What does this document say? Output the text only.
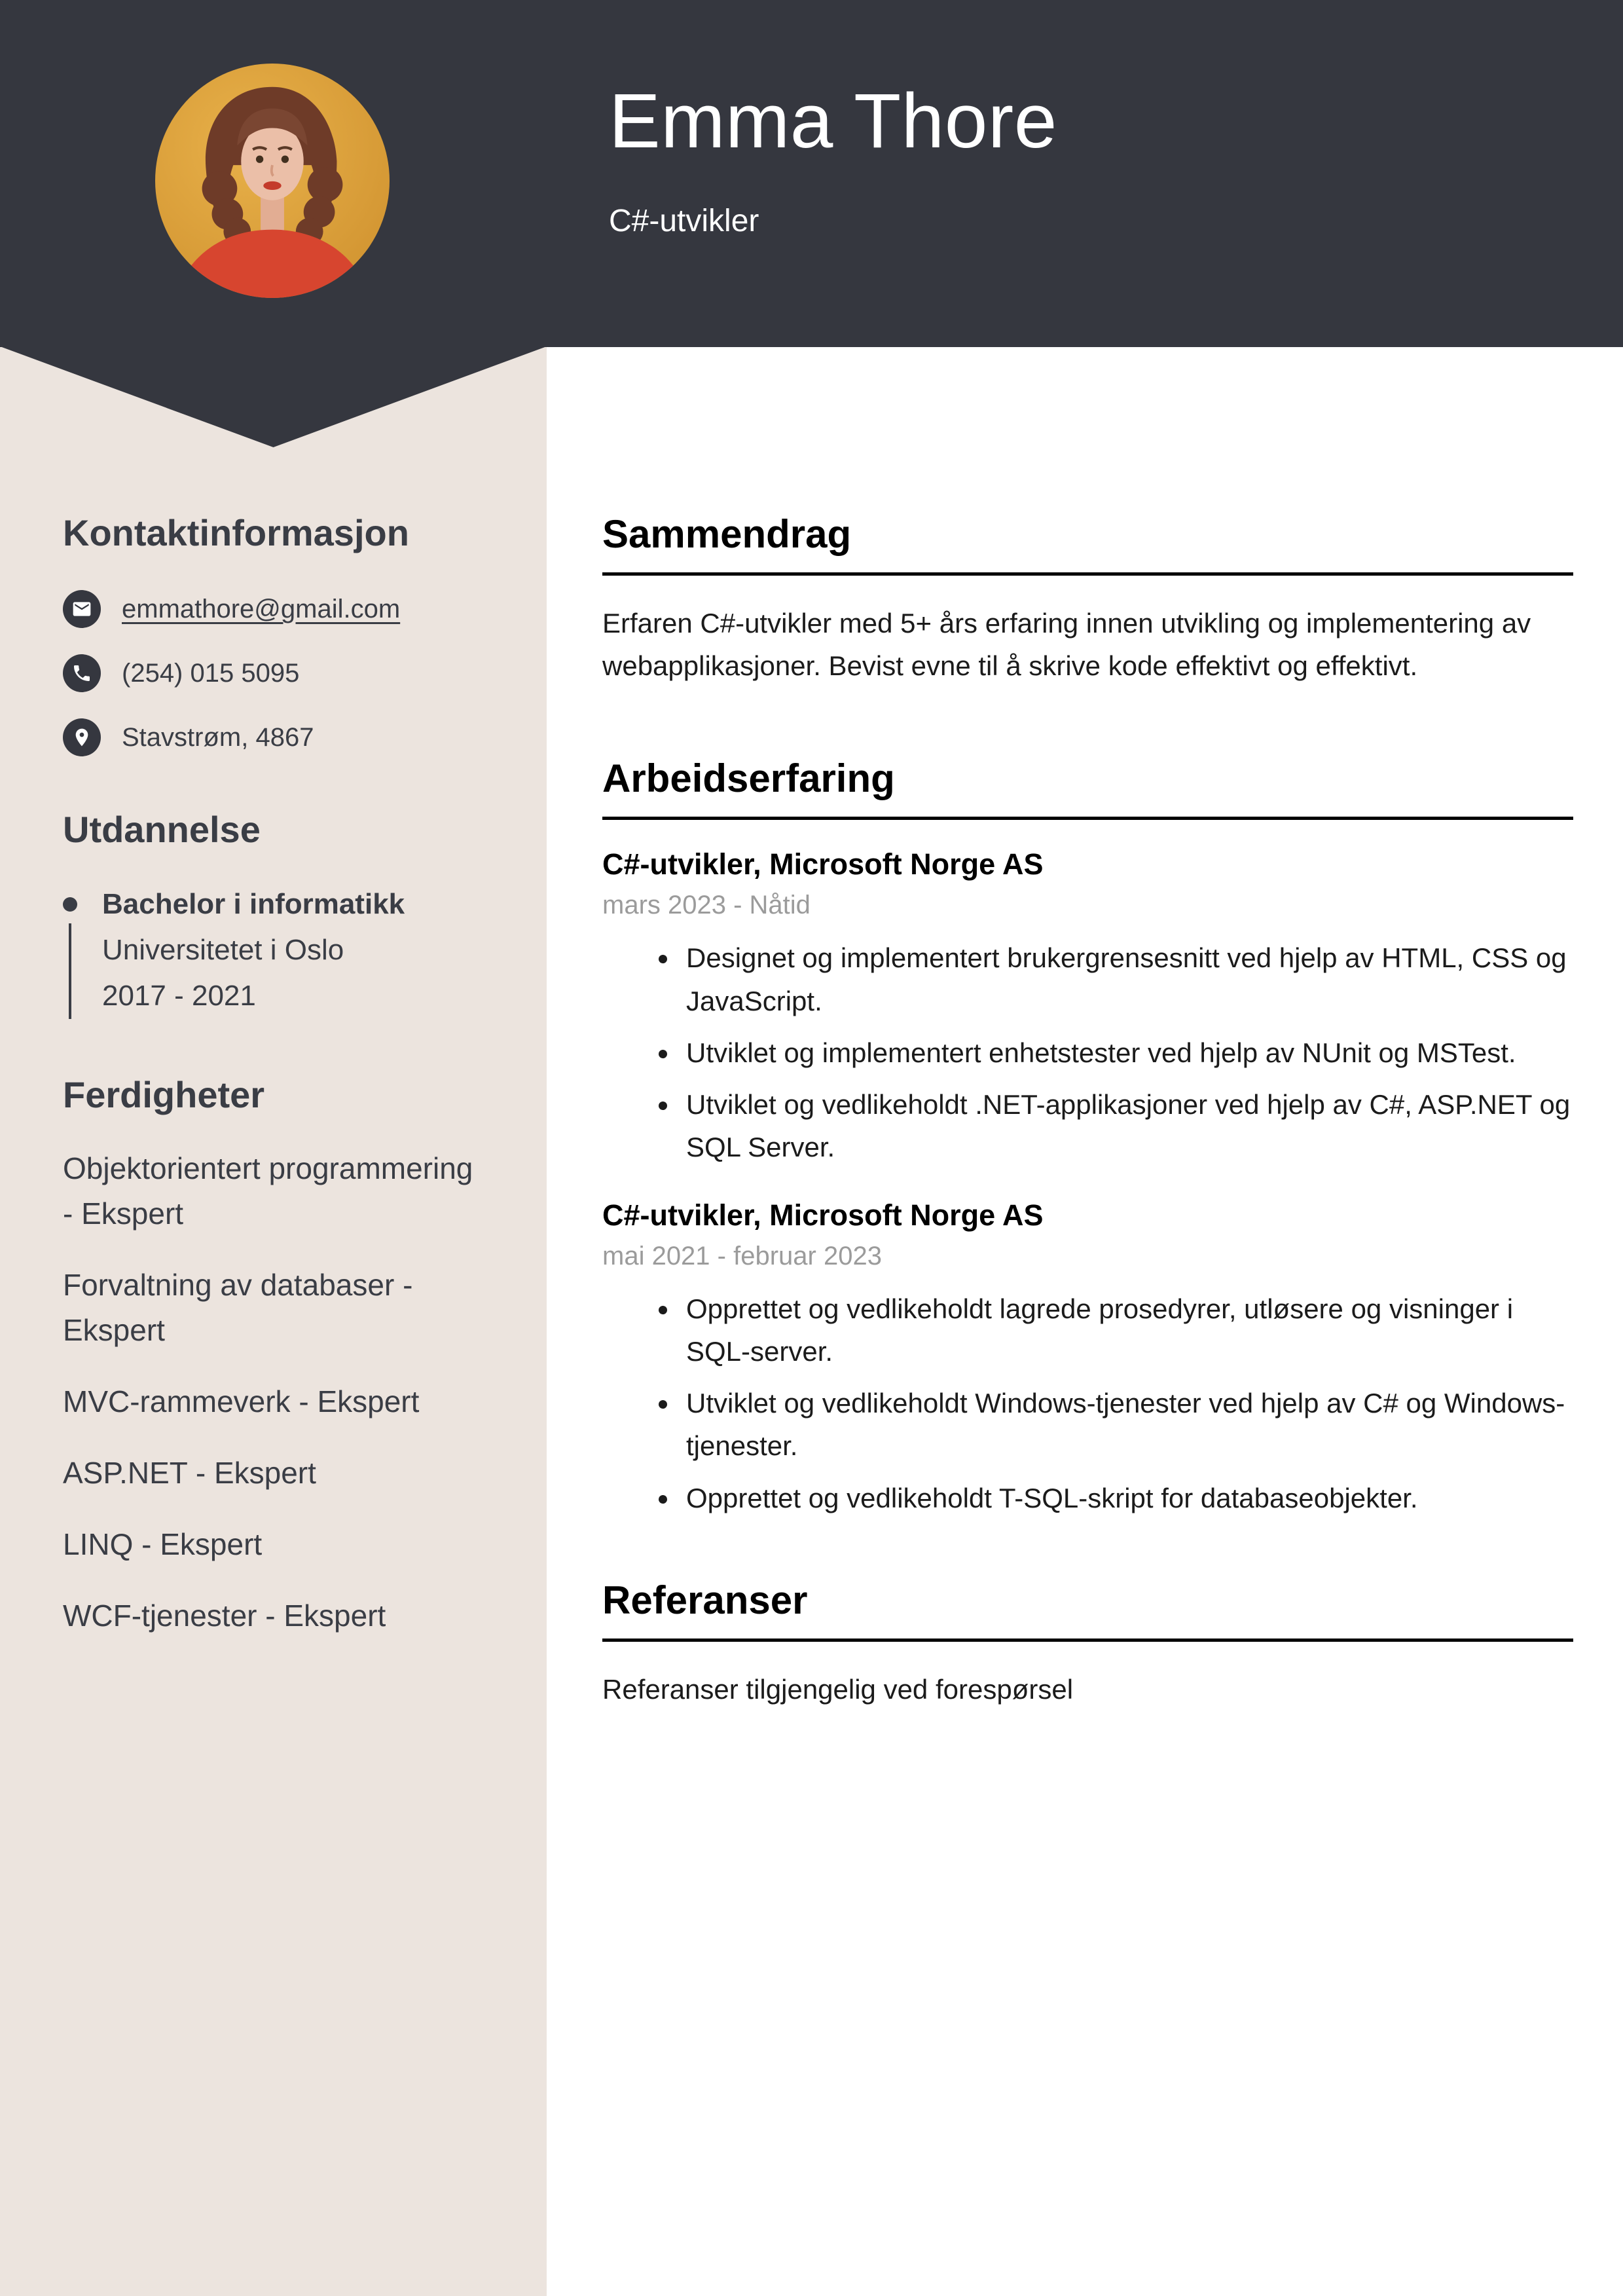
Emma Thore
C#-utvikler
Kontaktinformasjon
emmathore@gmail.com
(254) 015 5095
Stavstrøm, 4867
Utdannelse
Bachelor i informatikk
Universitetet i Oslo
2017 - 2021
Ferdigheter
Objektorientert programmering - Ekspert
Forvaltning av databaser - Ekspert
MVC-rammeverk - Ekspert
ASP.NET - Ekspert
LINQ - Ekspert
WCF-tjenester - Ekspert
Sammendrag

Erfaren C#-utvikler med 5+ års erfaring innen utvikling og implementering av webapplikasjoner. Bevist evne til å skrive kode effektivt og effektivt.

Arbeidserfaring
C#-utvikler, Microsoft Norge AS
mars 2023 - Nåtid
• Designet og implementert brukergrensesnitt ved hjelp av HTML, CSS og JavaScript.
• Utviklet og implementert enhetstester ved hjelp av NUnit og MSTest.
• Utviklet og vedlikeholdt .NET-applikasjoner ved hjelp av C#, ASP.NET og SQL Server.
C#-utvikler, Microsoft Norge AS
mai 2021 - februar 2023
• Opprettet og vedlikeholdt lagrede prosedyrer, utløsere og visninger i SQL-server.
• Utviklet og vedlikeholdt Windows-tjenester ved hjelp av C# og Windows-tjenester.
• Opprettet og vedlikeholdt T-SQL-skript for databaseobjekter.
Referanser

Referanser tilgjengelig ved forespørsel
